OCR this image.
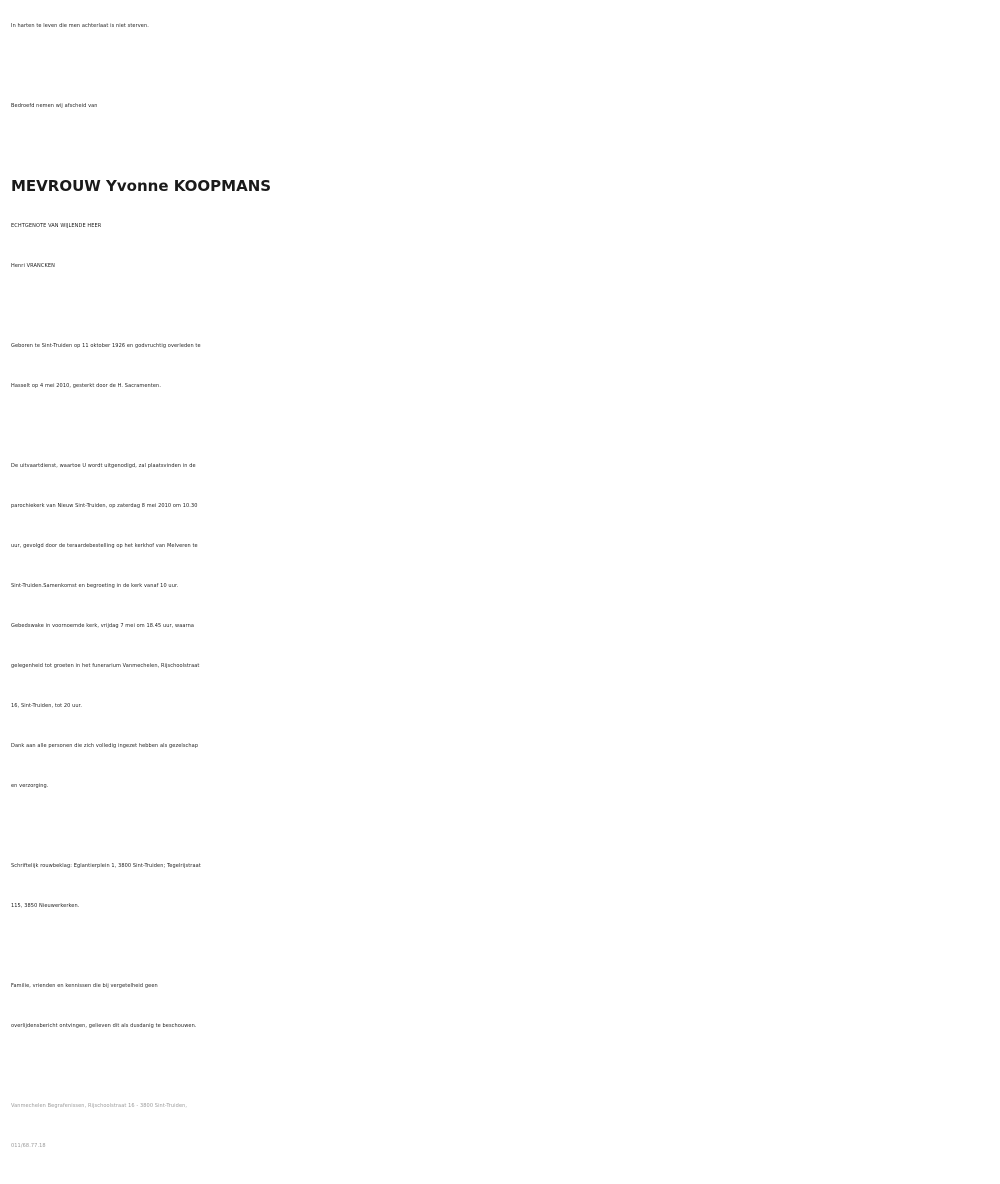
In harten te leven die men achterlaat is niet sterven.
Bedroefd nemen wij afscheid van
MEVROUW Yvonne KOOPMANS
ECHTGENOTE VAN WIJLENDE HEER
Henri VRANCKEN
Geboren te Sint-Truiden op 11 oktober 1926 en godvruchtig overleden te
Hasselt op 4 mei 2010, gesterkt door de H. Sacramenten.
De uitvaartdienst, waartoe U wordt uitgenodigd, zal plaatsvinden in de
parochiekerk van Nieuw Sint-Truiden, op zaterdag 8 mei 2010 om 10.30
uur, gevolgd door de teraardebestelling op het kerkhof van Melveren te
Sint-Truiden.Samenkomst en begroeting in de kerk vanaf 10 uur.
Gebedswake in voornoemde kerk, vrijdag 7 mei om 18.45 uur, waarna
gelegenheid tot groeten in het funerarium Vanmechelen, Rijschoolstraat
16, Sint-Truiden, tot 20 uur.
Dank aan alle personen die zich volledig ingezet hebben als gezelschap
en verzorging.
Schriftelijk rouwbeklag: Eglantierplein 1, 3800 Sint-Truiden; Tegelrijstraat
115, 3850 Nieuwerkerken.
Familie, vrienden en kennissen die bij vergetelheid geen
overlijdensbericht ontvingen, gelieven dit als dusdanig te beschouwen.
Vanmechelen Begrafenissen, Rijschoolstraat 16 - 3800 Sint-Truiden,
011/68.77.18
